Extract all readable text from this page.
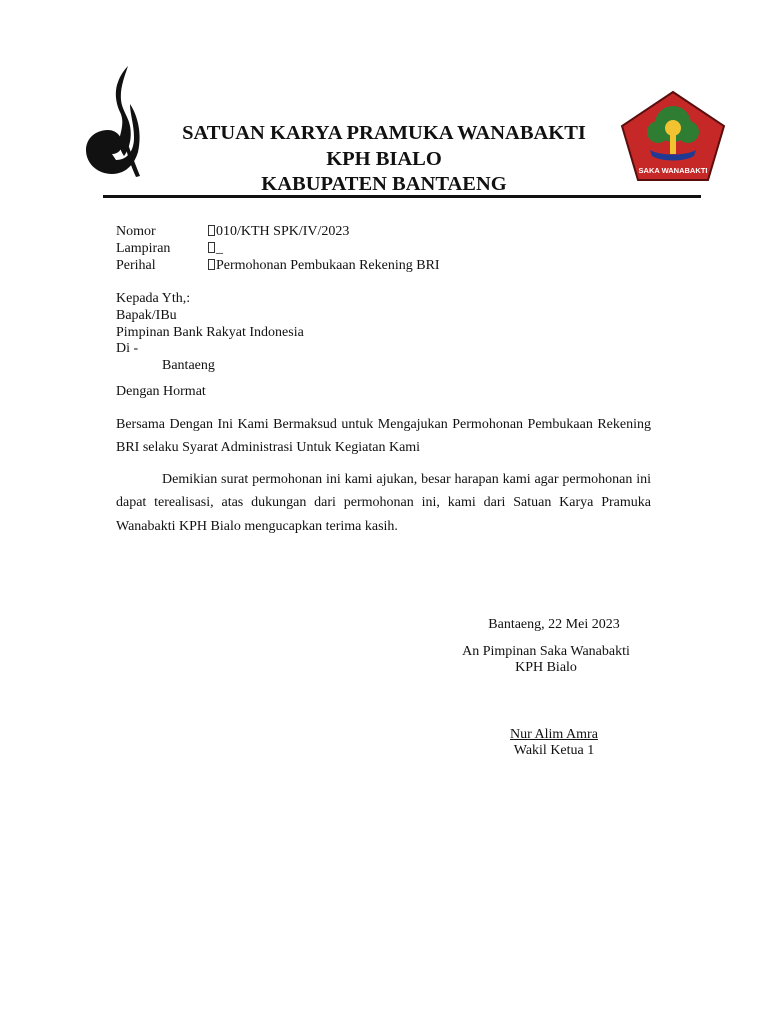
SATUAN KARYA PRAMUKA WANABAKTI
KPH BIALO
KABUPATEN BANTAENG
SAKA WANABAKTI
Nomor	010/KTH SPK/IV/2023
Lampiran	_
Perihal	Permohonan Pembukaan Rekening BRI
Kepada Yth,:
Bapak/IBu
Pimpinan Bank Rakyat Indonesia
Di -
Bantaeng
Dengan Hormat
Bersama Dengan Ini Kami Bermaksud untuk Mengajukan Permohonan Pembukaan Rekening BRI selaku Syarat Administrasi Untuk Kegiatan Kami
Demikian surat permohonan ini kami ajukan, besar harapan kami agar permohonan ini dapat terealisasi, atas dukungan dari permohonan ini, kami dari Satuan Karya Pramuka Wanabakti KPH Bialo mengucapkan terima kasih.
Bantaeng, 22 Mei 2023
An Pimpinan Saka Wanabakti
KPH Bialo
Nur Alim Amra
Wakil Ketua 1
